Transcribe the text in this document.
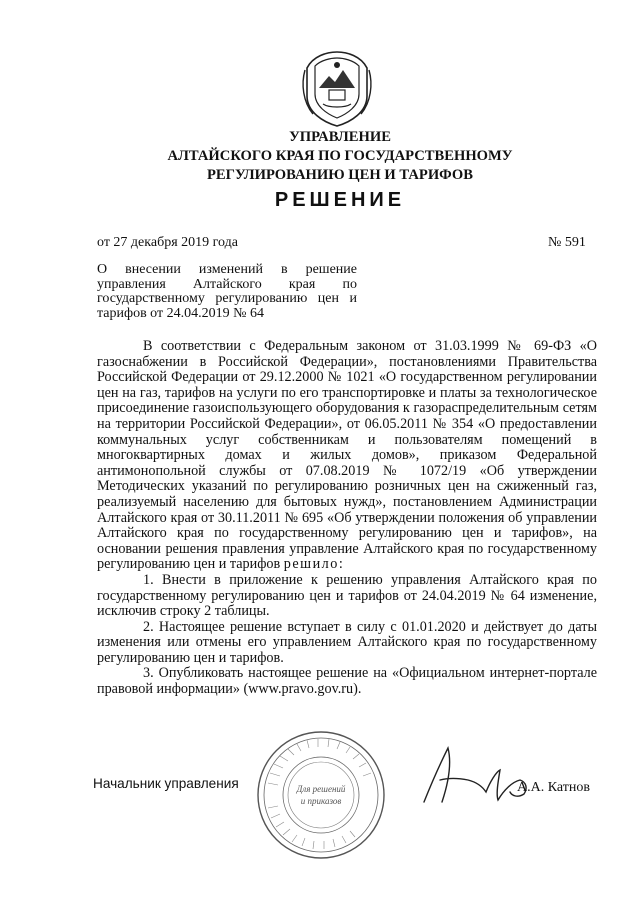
УПРАВЛЕНИЕ
АЛТАЙСКОГО КРАЯ ПО ГОСУДАРСТВЕННОМУ
РЕГУЛИРОВАНИЮ ЦЕН И ТАРИФОВ
РЕШЕНИЕ
от 27 декабря 2019 года	№ 591
О внесении изменений в решение управления Алтайского края по государственному регулированию цен и тарифов от 24.04.2019 № 64

В соответствии с Федеральным законом от 31.03.1999 № 69-ФЗ «О газоснабжении в Российской Федерации», постановлениями Правительства Российской Федерации от 29.12.2000 № 1021 «О государственном регулировании цен на газ, тарифов на услуги по его транспортировке и платы за технологическое присоединение газоиспользующего оборудования к газораспределительным сетям на территории Российской Федерации», от 06.05.2011 № 354 «О предоставлении коммунальных услуг собственникам и пользователям помещений в многоквартирных домах и жилых домов», приказом Федеральной антимонопольной службы от 07.08.2019 № 1072/19 «Об утверждении Методических указаний по регулированию розничных цен на сжиженный газ, реализуемый населению для бытовых нужд», постановлением Администрации Алтайского края от 30.11.2011 № 695 «Об утверждении положения об управлении Алтайского края по государственному регулированию цен и тарифов», на основании решения правления управление Алтайского края по государственному регулированию цен и тарифов решило:

1. Внести в приложение к решению управления Алтайского края по государственному регулированию цен и тарифов от 24.04.2019 № 64 изменение, исключив строку 2 таблицы.

2. Настоящее решение вступает в силу с 01.01.2020 и действует до даты изменения или отмены его управлением Алтайского края по государственному регулированию цен и тарифов.

3. Опубликовать настоящее решение на «Официальном интернет-портале правовой информации» (www.pravo.gov.ru).

Начальник управления	Для решений
и приказов
А.А. Катнов
